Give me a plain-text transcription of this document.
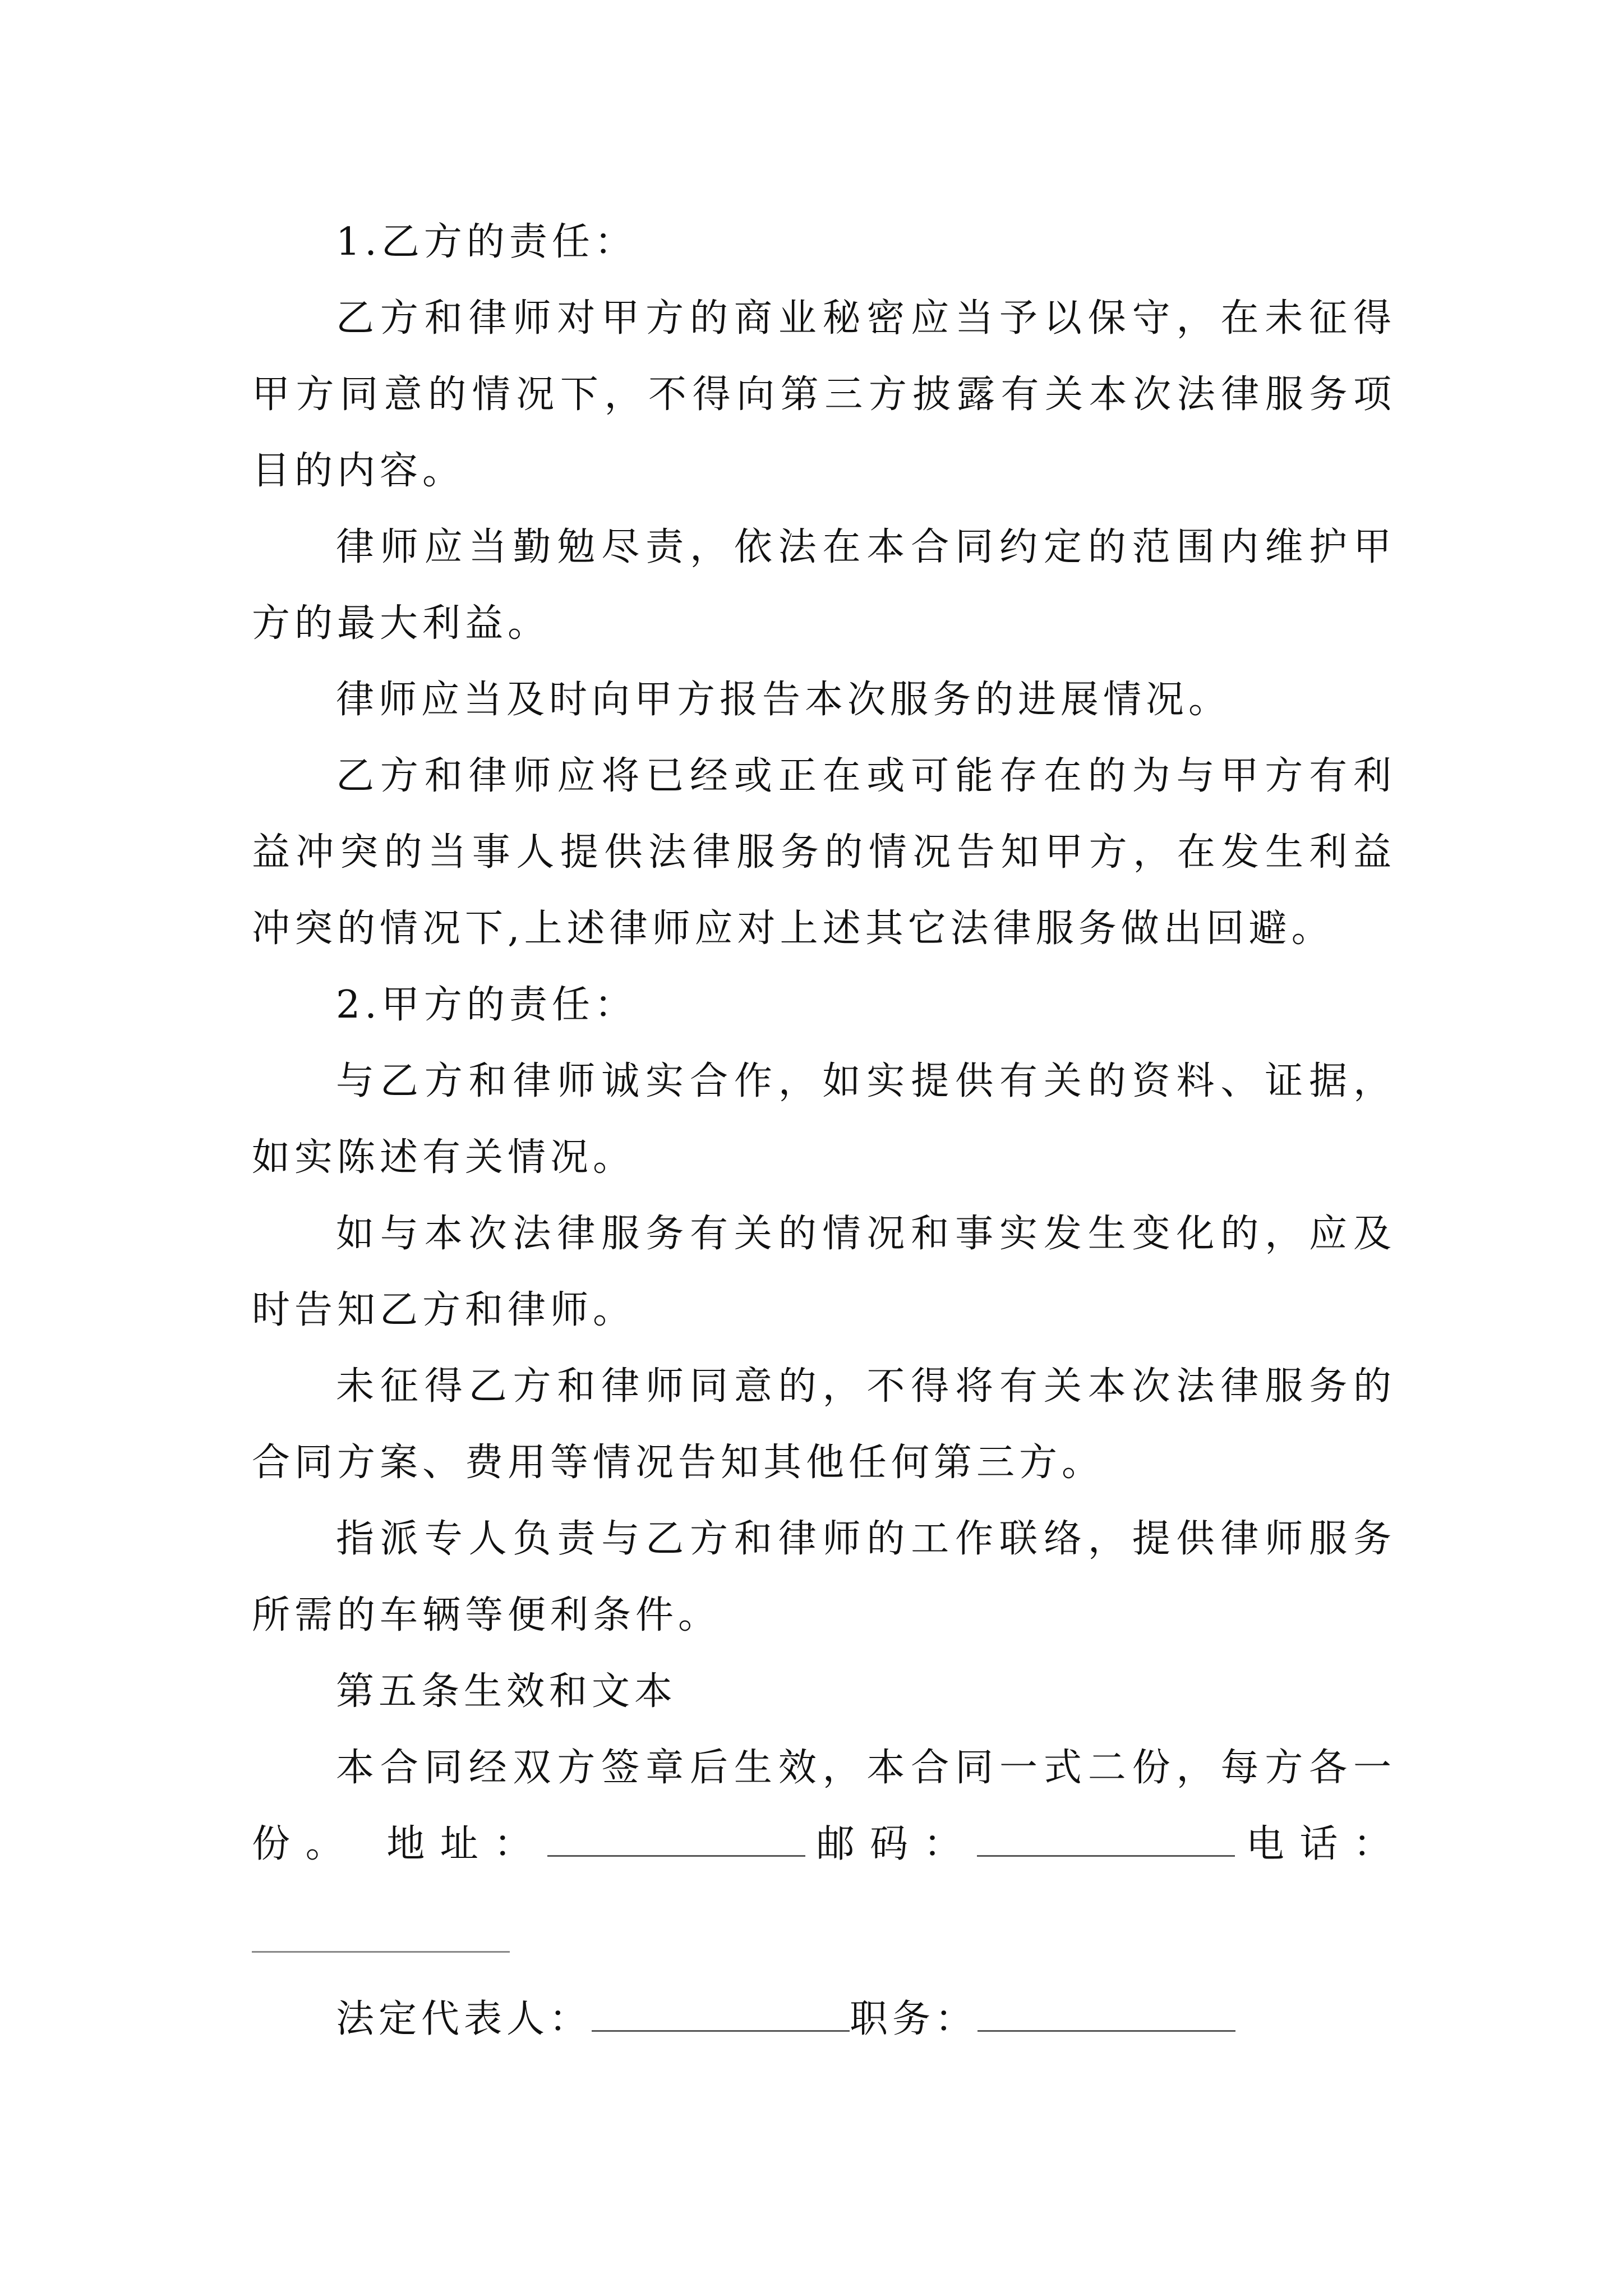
1.乙方的责任：

乙方和律师对甲方的商业秘密应当予以保守，在未征得甲方同意的情况下，不得向第三方披露有关本次法律服务项目的内容。

律师应当勤勉尽责，依法在本合同约定的范围内维护甲方的最大利益。

律师应当及时向甲方报告本次服务的进展情况。

乙方和律师应将已经或正在或可能存在的为与甲方有利益冲突的当事人提供法律服务的情况告知甲方，在发生利益冲突的情况下,上述律师应对上述其它法律服务做出回避。

2.甲方的责任：

与乙方和律师诚实合作，如实提供有关的资料、证据，如实陈述有关情况。

如与本次法律服务有关的情况和事实发生变化的，应及时告知乙方和律师。

未征得乙方和律师同意的，不得将有关本次法律服务的合同方案、费用等情况告知其他任何第三方。

指派专人负责与乙方和律师的工作联络，提供律师服务所需的车辆等便利条件。

第五条生效和文本

本合同经双方签章后生效，本合同一式二份，每方各一份。 地址：	邮码：	电话：
法定代表人：	职务：
